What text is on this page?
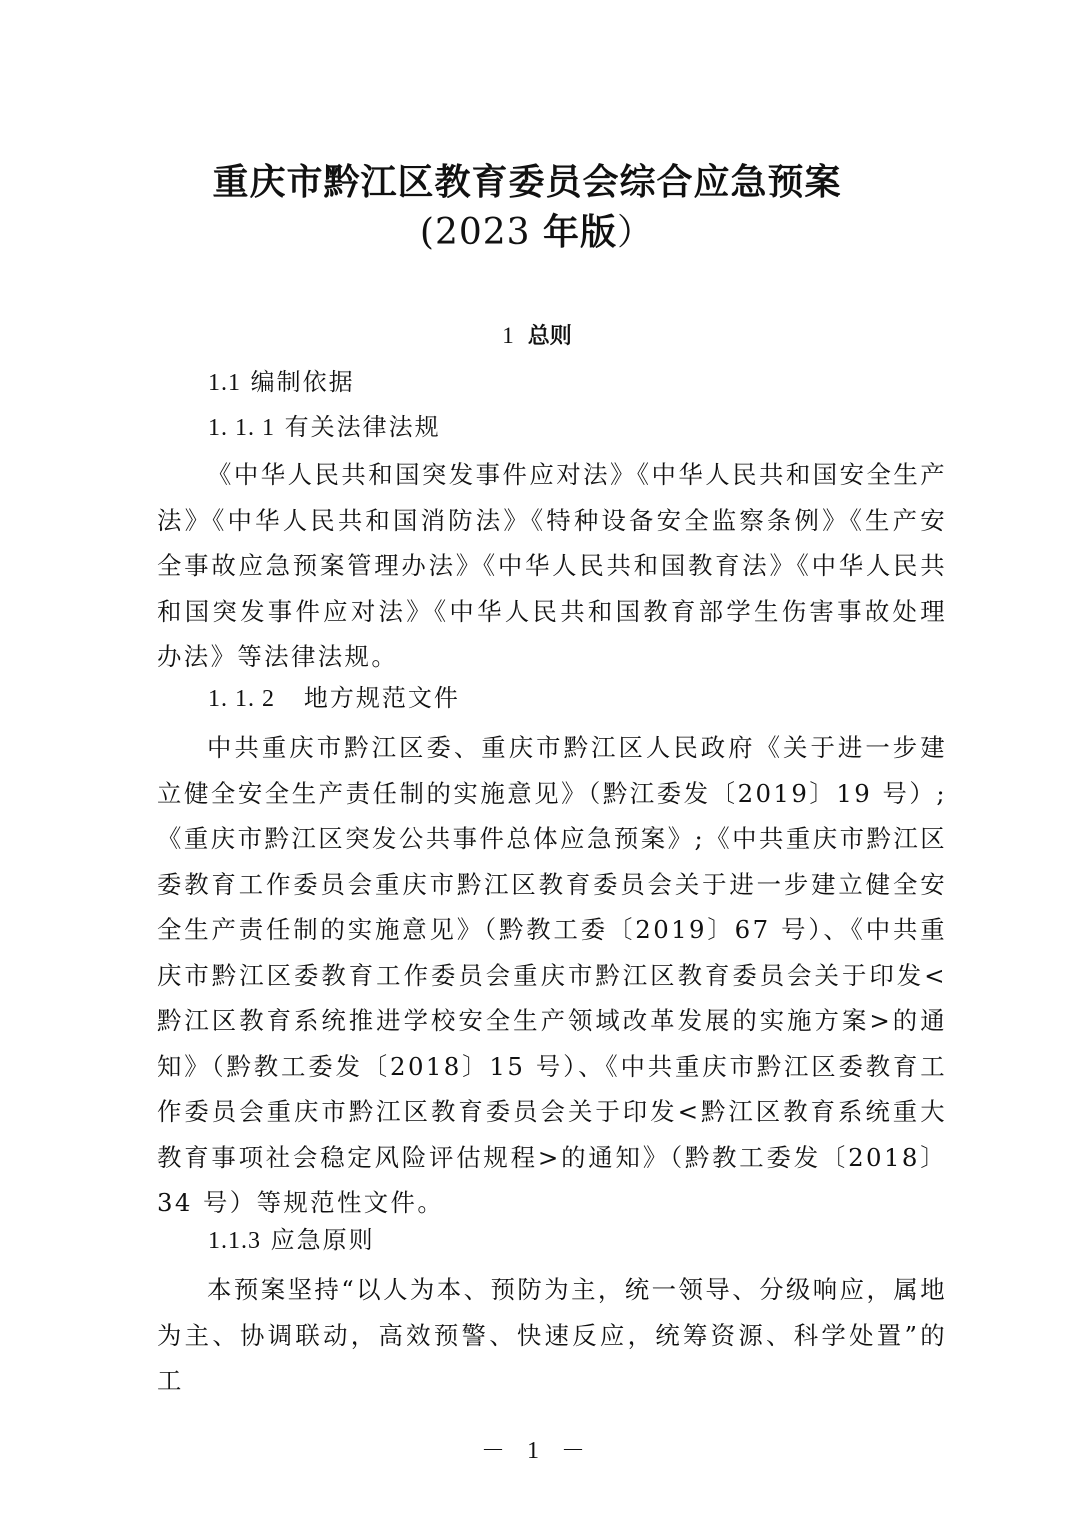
重庆市黔江区教育委员会综合应急预案
(2023 年版）
1 总则
1.1 编制依据
1. 1. 1 有关法律法规

《中华人民共和国突发事件应对法》《中华人民共和国安全生产法》《中华人民共和国消防法》《特种设备安全监察条例》《生产安全事故应急预案管理办法》《中华人民共和国教育法》《中华人民共和国突发事件应对法》《中华人民共和国教育部学生伤害事故处理办法》等法律法规。

1. 1. 2 地方规范文件

中共重庆市黔江区委、重庆市黔江区人民政府《关于进一步建立健全安全生产责任制的实施意见》（黔江委发〔2019〕19 号）;《重庆市黔江区突发公共事件总体应急预案》;《中共重庆市黔江区委教育工作委员会重庆市黔江区教育委员会关于进一步建立健全安全生产责任制的实施意见》（黔教工委〔2019〕67 号）、《中共重庆市黔江区委教育工作委员会重庆市黔江区教育委员会关于印发<黔江区教育系统推进学校安全生产领域改革发展的实施方案>的通知》（黔教工委发〔2018〕15 号）、《中共重庆市黔江区委教育工作委员会重庆市黔江区教育委员会关于印发<黔江区教育系统重大教育事项社会稳定风险评估规程>的通知》（黔教工委发〔2018〕34 号）等规范性文件。

1.1.3 应急原则

本预案坚持“以人为本、预防为主，统一领导、分级响应，属地为主、协调联动，高效预警、快速反应，统筹资源、科学处置”的工

－ 1 －
